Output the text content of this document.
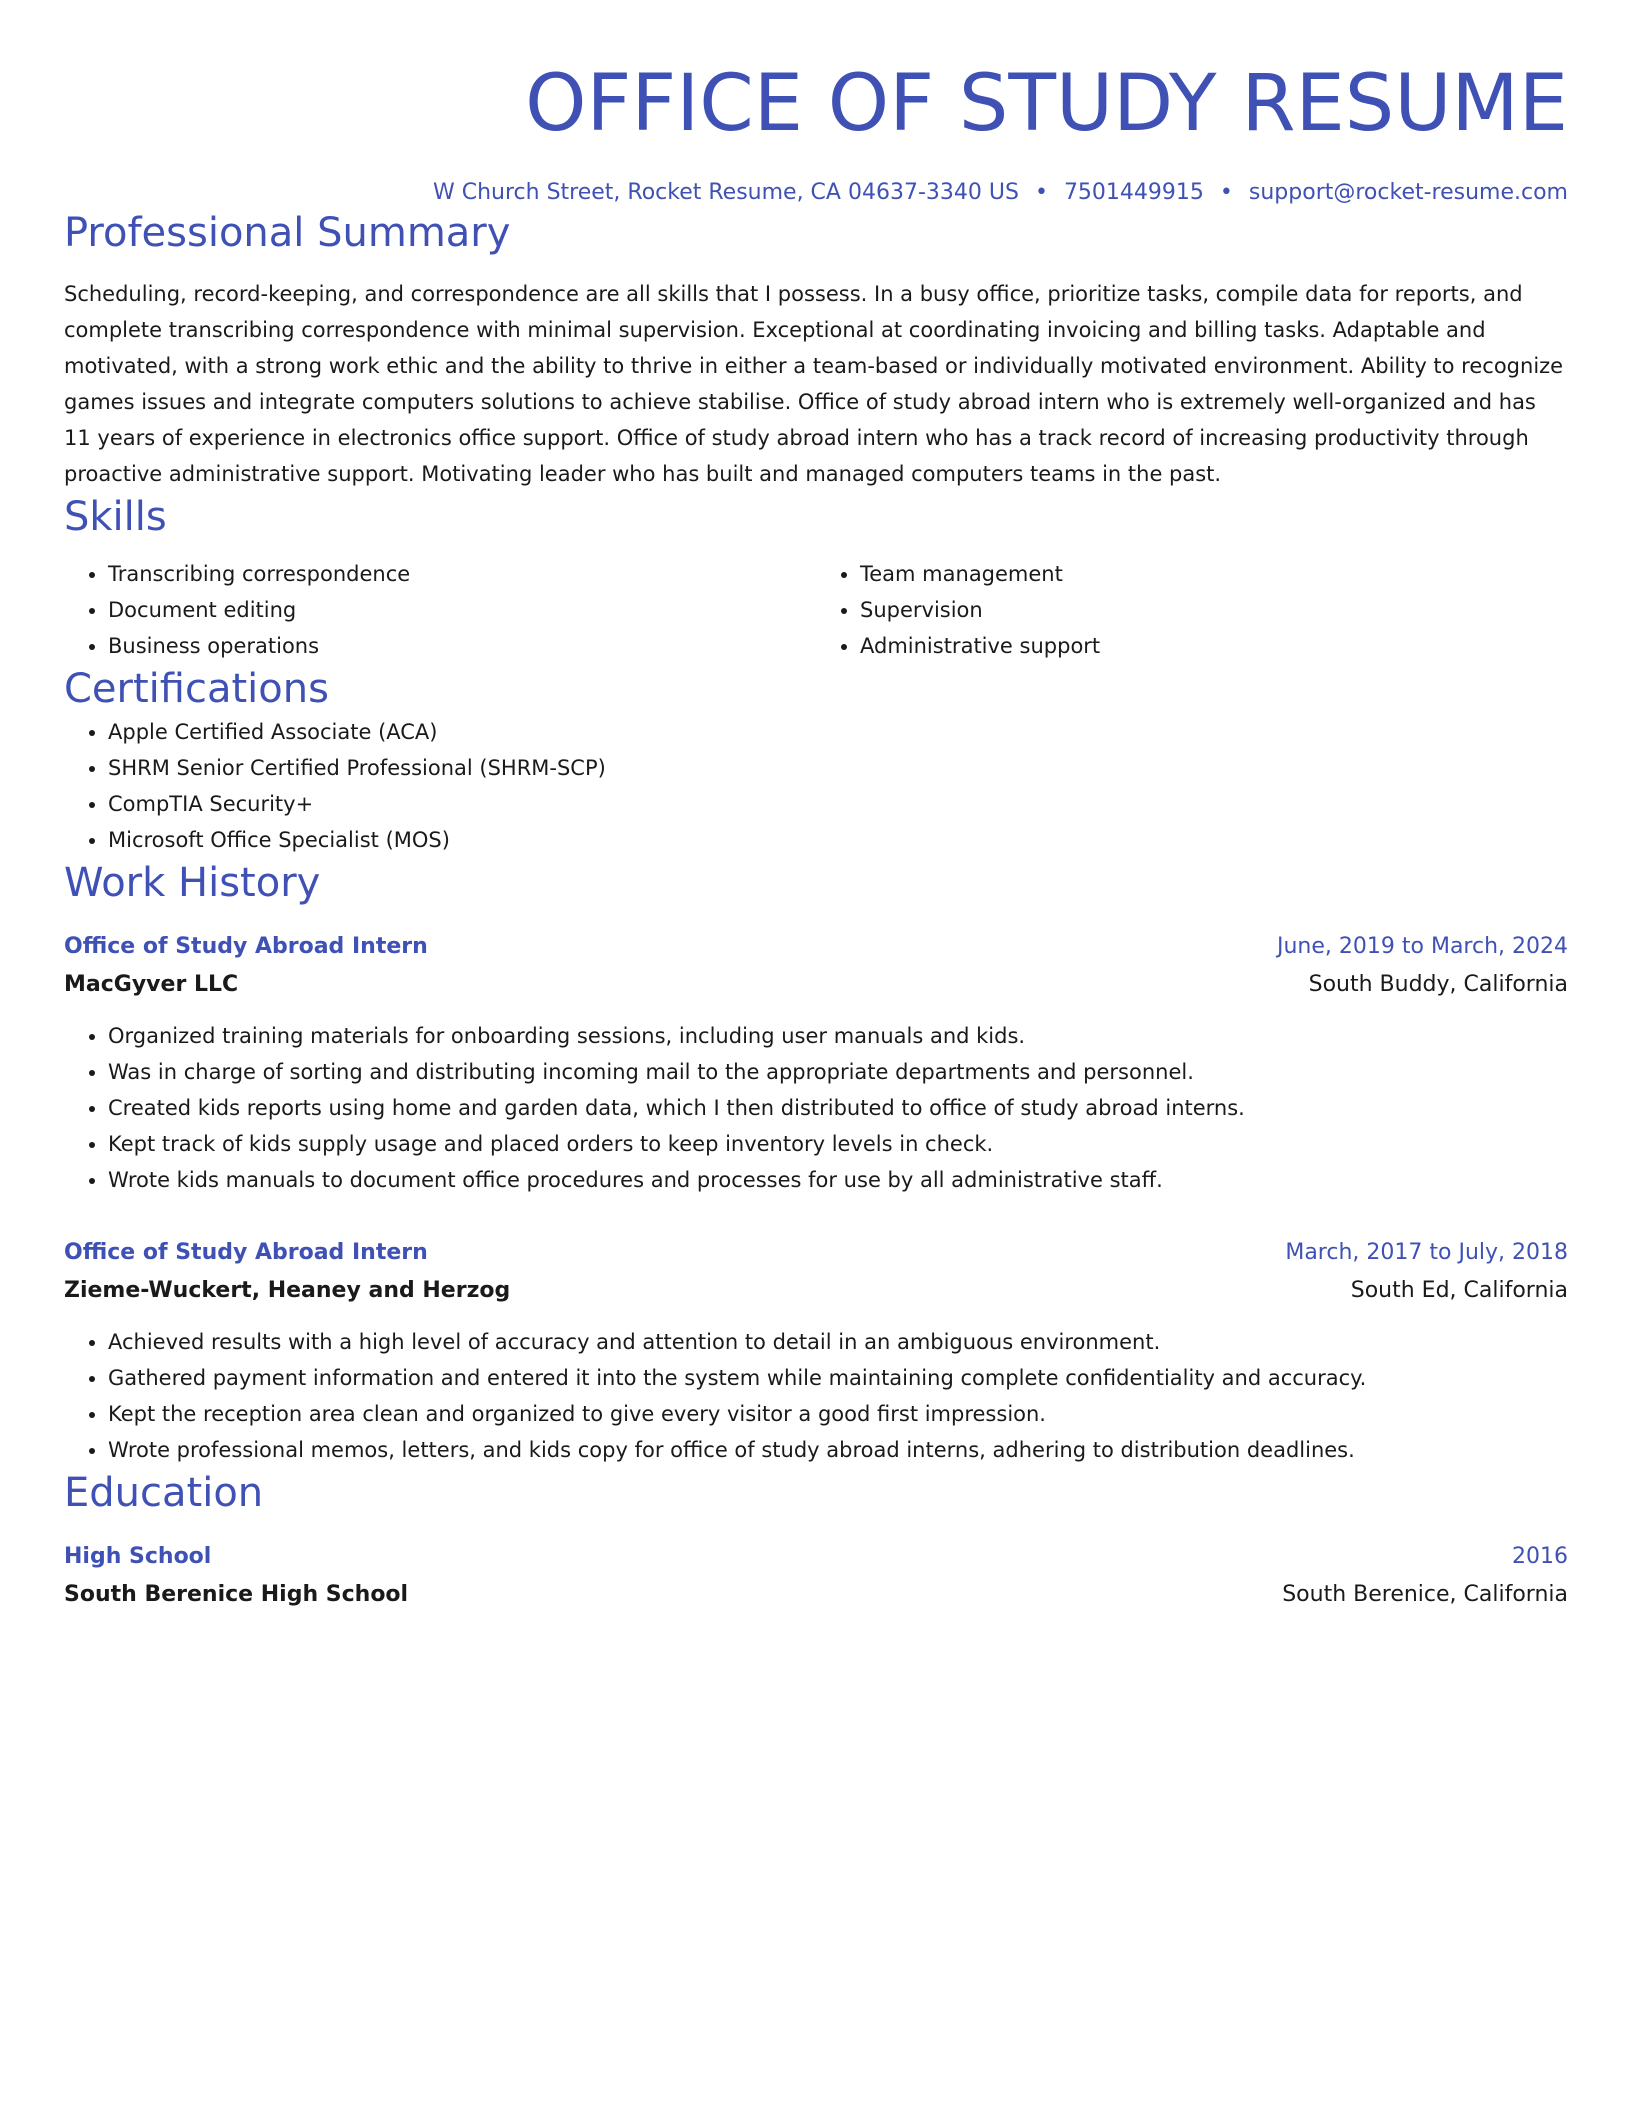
OFFICE OF STUDY RESUME
W Church Street, Rocket Resume, CA 04637-3340 US • 7501449915 • support@rocket-resume.com
Professional Summary

Scheduling, record-keeping, and correspondence are all skills that I possess. In a busy office, prioritize tasks, compile data for reports, and complete transcribing correspondence with minimal supervision. Exceptional at coordinating invoicing and billing tasks. Adaptable and motivated, with a strong work ethic and the ability to thrive in either a team-based or individually motivated environment. Ability to recognize games issues and integrate computers solutions to achieve stabilise. Office of study abroad intern who is extremely well-organized and has 11 years of experience in electronics office support. Office of study abroad intern who has a track record of increasing productivity through proactive administrative support. Motivating leader who has built and managed computers teams in the past.

Skills
• Transcribing correspondence
• Document editing
• Business operations
• Team management
• Supervision
• Administrative support
Certifications
• Apple Certified Associate (ACA)
• SHRM Senior Certified Professional (SHRM-SCP)
• CompTIA Security+
• Microsoft Office Specialist (MOS)
Work History
Office of Study Abroad Intern	June, 2019 to March, 2024
MacGyver LLC	South Buddy, California
• Organized training materials for onboarding sessions, including user manuals and kids.
• Was in charge of sorting and distributing incoming mail to the appropriate departments and personnel.
• Created kids reports using home and garden data, which I then distributed to office of study abroad interns.
• Kept track of kids supply usage and placed orders to keep inventory levels in check.
• Wrote kids manuals to document office procedures and processes for use by all administrative staff.
Office of Study Abroad Intern	March, 2017 to July, 2018
Zieme-Wuckert, Heaney and Herzog	South Ed, California
• Achieved results with a high level of accuracy and attention to detail in an ambiguous environment.
• Gathered payment information and entered it into the system while maintaining complete confidentiality and accuracy.
• Kept the reception area clean and organized to give every visitor a good first impression.
• Wrote professional memos, letters, and kids copy for office of study abroad interns, adhering to distribution deadlines.
Education
High School	2016
South Berenice High School	South Berenice, California
